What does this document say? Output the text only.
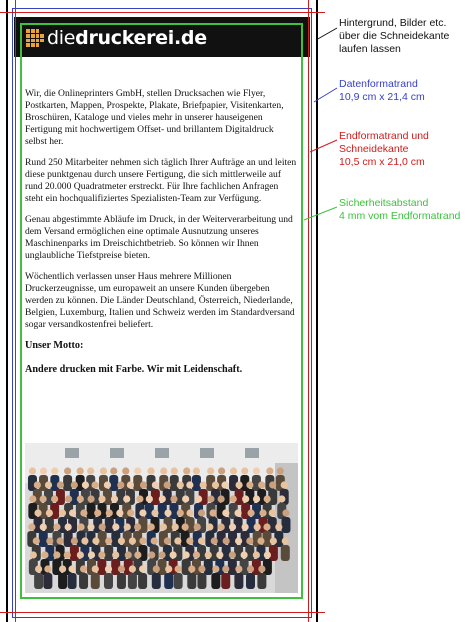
diedruckerei.de

Wir, die Onlineprinters GmbH, stellen Drucksachen wie Flyer, Postkarten, Mappen, Prospekte, Plakate, Briefpapier, Visitenkarten, Broschüren, Kataloge und vieles mehr in unserer hauseigenen Fertigung mit hochwertigem Offset- und brillantem Digitaldruck selbst her.

Rund 250 Mitarbeiter nehmen sich täglich Ihrer Aufträge an und leiten diese punktgenau durch unsere Fertigung, die sich mittlerweile auf rund 20.000 Quadratmeter erstreckt. Für Ihre fachlichen Anfragen steht ein hochqualifiziertes Spezialisten-Team zur Verfügung.

Genau abgestimmte Abläufe im Druck, in der Weiterverarbeitung und dem Versand ermöglichen eine optimale Ausnutzung unseres Maschinenparks im Dreischichtbetrieb. So können wir Ihnen unglaubliche Tiefstpreise bieten.

Wöchentlich verlassen unser Haus mehrere Millionen Druckerzeugnisse, um europaweit an unsere Kunden übergeben werden zu können. Die Länder Deutschland, Österreich, Niederlande, Belgien, Luxemburg, Italien und Schweiz werden im Standardversand sogar versandkostenfrei beliefert.

Unser Motto:

Andere drucken mit Farbe. Wir mit Leidenschaft.

Hintergrund, Bilder etc.
über die Schneidekante
laufen lassen
Datenformatrand
10,9 cm x 21,4 cm
Endformatrand und
Schneidekante
10,5 cm x 21,0 cm
Sicherheitsabstand
4 mm vom Endformatrand
